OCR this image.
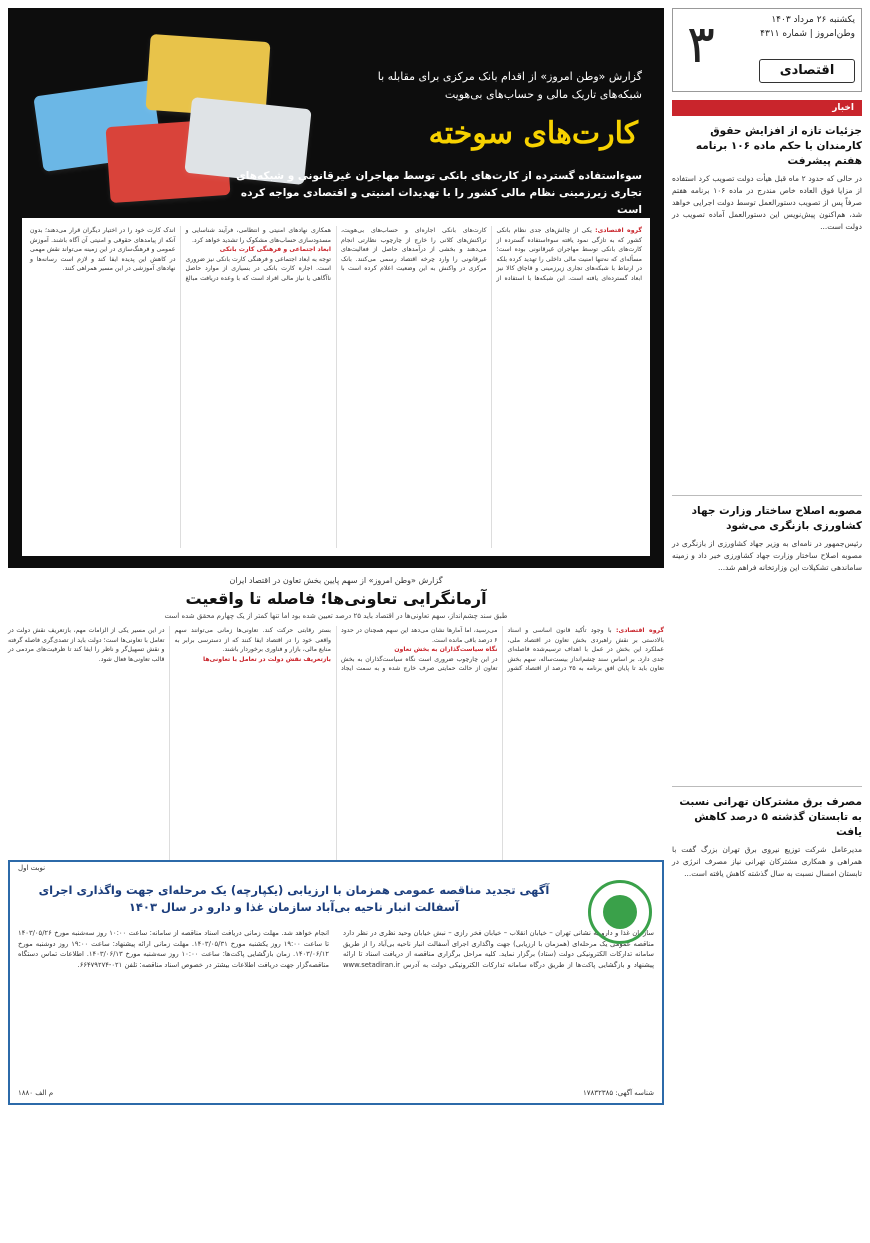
٣	یکشنبه ۲۶ مرداد ۱۴۰۳
وطن‌امروز | شماره ۴۳۱۱
اقتصادی
اخبار
جزئیات تازه از افزایش حقوق کارمندان با حکم ماده ۱۰۶ برنامه هفتم پیشرفت
در حالی که حدود ۲ ماه قبل هیأت دولت تصویب کرد استفاده از مزایا فوق العاده خاص مندرج در ماده ۱۰۶ برنامه هفتم صرفاً پس از تصویب دستورالعمل توسط دولت اجرایی خواهد شد، هم‌اکنون پیش‌نویس این دستورالعمل آماده تصویب در دولت است...
مصوبه اصلاح ساختار وزارت جهاد کشاورزی بازنگری می‌شود
رئیس‌جمهور در نامه‌ای به وزیر جهاد کشاورزی از بازنگری در مصوبه اصلاح ساختار وزارت جهاد کشاورزی خبر داد و زمینه ساماندهی تشکیلات این وزارتخانه فراهم شد...
مصرف برق مشترکان تهرانی نسبت به تابستان گذشته ۵ درصد کاهش یافت
مدیرعامل شرکت توزیع نیروی برق تهران بزرگ گفت با همراهی و همکاری مشترکان تهرانی نیاز مصرف انرژی در تابستان امسال نسبت به سال گذشته کاهش یافته است...
گزارش «وطن امروز» از اقدام بانک مرکزی برای مقابله با شبکه‌های تاریک مالی و حساب‌های بی‌هویت
کارت‌های سوخته
سوءاستفاده گسترده از کارت‌های بانکی توسط مهاجران غیرقانونی و شبکه‌های تجاری زیرزمینی نظام مالی کشور را با تهدیدات امنیتی و اقتصادی مواجه کرده است
گروه اقتصادی: یکی از چالش‌های جدی نظام بانکی کشور که به تازگی نمود یافته سوءاستفاده گسترده از کارت‌های بانکی توسط مهاجران غیرقانونی بوده است؛ مسأله‌ای که نه‌تنها امنیت مالی داخلی را تهدید کرده بلکه در ارتباط با شبکه‌های تجاری زیرزمینی و قاچاق کالا نیز ابعاد گسترده‌ای یافته است. این شبکه‌ها با استفاده از کارت‌های بانکی اجاره‌ای و حساب‌های بی‌هویت، تراکنش‌های کلانی را خارج از چارچوب نظارتی انجام می‌دهند و بخشی از درآمدهای حاصل از فعالیت‌های غیرقانونی را وارد چرخه اقتصاد رسمی می‌کنند. بانک مرکزی در واکنش به این وضعیت اعلام کرده است با همکاری نهادهای امنیتی و انتظامی، فرآیند شناسایی و مسدودسازی حساب‌های مشکوک را تشدید خواهد کرد.
ابعاد اجتماعی و فرهنگی کارت بانکی
توجه به ابعاد اجتماعی و فرهنگی کارت بانکی نیز ضروری است. اجاره کارت بانکی در بسیاری از موارد حاصل ناآگاهی یا نیاز مالی افراد است که با وعده دریافت مبالغ اندک کارت خود را در اختیار دیگران قرار می‌دهند؛ بدون آنکه از پیامدهای حقوقی و امنیتی آن آگاه باشند. آموزش عمومی و فرهنگ‌سازی در این زمینه می‌تواند نقش مهمی در کاهش این پدیده ایفا کند و لازم است رسانه‌ها و نهادهای آموزشی در این مسیر همراهی کنند.
گزارش «وطن امروز» از سهم پایین بخش تعاون در اقتصاد ایران
آرمانگرایی تعاونی‌ها؛ فاصله تا واقعیت
طبق سند چشم‌انداز، سهم تعاونی‌ها در اقتصاد باید ۲۵ درصد تعیین شده بود اما تنها کمتر از یک چهارم محقق شده است
گروه اقتصادی: با وجود تأکید قانون اساسی و اسناد بالادستی بر نقش راهبردی بخش تعاون در اقتصاد ملی، عملکرد این بخش در عمل با اهداف ترسیم‌شده فاصله‌ای جدی دارد. بر اساس سند چشم‌انداز بیست‌ساله، سهم بخش تعاون باید تا پایان افق برنامه به ۲۵ درصد از اقتصاد کشور می‌رسید، اما آمارها نشان می‌دهد این سهم همچنان در حدود ۶ درصد باقی مانده است.
نگاه سیاست‌گذاران به بخش تعاون
در این چارچوب ضروری است نگاه سیاست‌گذاران به بخش تعاون از حالت حمایتی صرف خارج شده و به سمت ایجاد بستر رقابتی حرکت کند. تعاونی‌ها زمانی می‌توانند سهم واقعی خود را در اقتصاد ایفا کنند که از دسترسی برابر به منابع مالی، بازار و فناوری برخوردار باشند.
بازتعریف نقش دولت در تعامل با تعاونی‌ها
در این مسیر یکی از الزامات مهم، بازتعریف نقش دولت در تعامل با تعاونی‌ها است؛ دولت باید از تصدی‌گری فاصله گرفته و نقش تسهیل‌گر و ناظر را ایفا کند تا ظرفیت‌های مردمی در قالب تعاونی‌ها فعال شود.
نوبت اول
آگهی تجدید مناقصه عمومی همزمان با ارزیابی (یکپارچه) یک مرحله‌ای جهت واگذاری اجرای آسفالت انبار ناحیه بی‌آباد سازمان غذا و دارو در سال ۱۴۰۳
سازمان غذا و دارو به نشانی تهران – خیابان انقلاب – خیابان فخر رازی – نبش خیابان وحید نظری در نظر دارد مناقصه عمومی یک مرحله‌ای (همزمان با ارزیابی) جهت واگذاری اجرای آسفالت انبار ناحیه بی‌آباد را از طریق سامانه تدارکات الکترونیکی دولت (ستاد) برگزار نماید. کلیه مراحل برگزاری مناقصه از دریافت اسناد تا ارائه پیشنهاد و بازگشایی پاکت‌ها از طریق درگاه سامانه تدارکات الکترونیکی دولت به آدرس www.setadiran.ir انجام خواهد شد. مهلت زمانی دریافت اسناد مناقصه از سامانه: ساعت ۱۰:۰۰ روز سه‌شنبه مورخ ۱۴۰۳/۰۵/۲۶ تا ساعت ۱۹:۰۰ روز یکشنبه مورخ ۱۴۰۳/۰۵/۳۱. مهلت زمانی ارائه پیشنهاد: ساعت ۱۹:۰۰ روز دوشنبه مورخ ۱۴۰۳/۰۶/۱۲. زمان بازگشایی پاکت‌ها: ساعت ۱۰:۰۰ روز سه‌شنبه مورخ ۱۴۰۳/۰۶/۱۳. اطلاعات تماس دستگاه مناقصه‌گزار جهت دریافت اطلاعات بیشتر در خصوص اسناد مناقصه: تلفن ۰۲۱-۶۶۴۷۹۲۷۴.
شناسه آگهی: ۱۷۸۳۲۳۸۵
م الف ۱۸۸۰
